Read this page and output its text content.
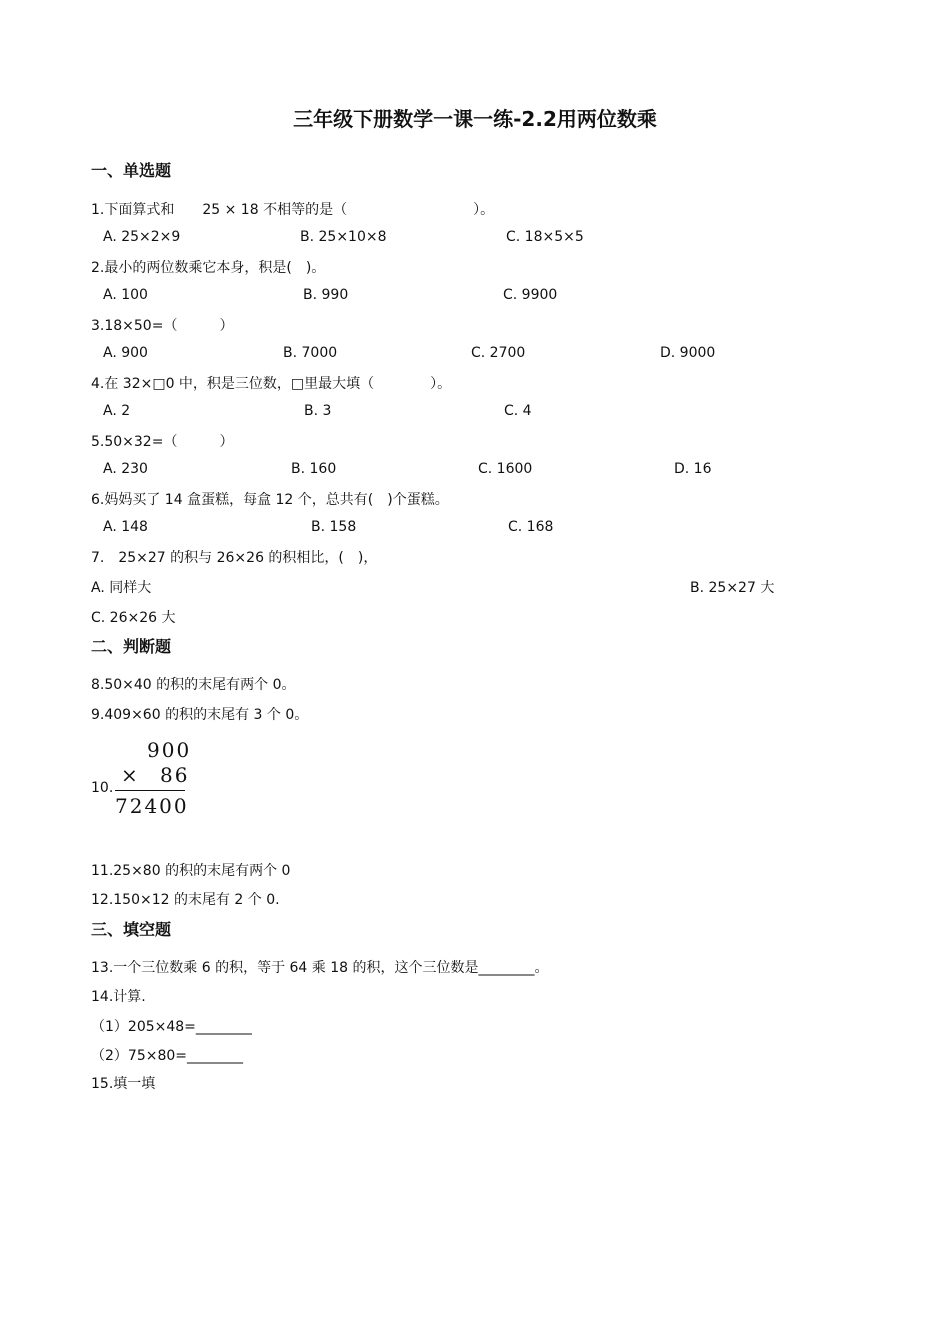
三年级下册数学一课一练-2.2用两位数乘
一、单选题
1.下面算式和　　25 × 18 不相等的是（　　　　　　　　　）。
A. 25×2×9	B. 25×10×8	C. 18×5×5
2.最小的两位数乘它本身，积是(　)。
A. 100	B. 990	C. 9900
3.18×50=（　　　）
A. 900	B. 7000	C. 2700	D. 9000
4.在 32×□0 中，积是三位数，□里最大填（　　　　）。
A. 2	B. 3	C. 4
5.50×32=（　　　）
A. 230	B. 160	C. 1600	D. 16
6.妈妈买了 14 盒蛋糕，每盒 12 个，总共有(　)个蛋糕。
A. 148	B. 158	C. 168
7.　25×27 的积与 26×26 的积相比，(　)，
A. 同样大	B. 25×27 大
C. 26×26 大
二、判断题
8.50×40 的积的末尾有两个 0。
9.409×60 的积的末尾有 3 个 0。
10.
900
× 86
72400
11.25×80 的积的末尾有两个 0
12.150×12 的末尾有 2 个 0.
三、填空题
13.一个三位数乘 6 的积，等于 64 乘 18 的积，这个三位数是________。
14.计算.
（1）205×48=________
（2）75×80=________
15.填一填
